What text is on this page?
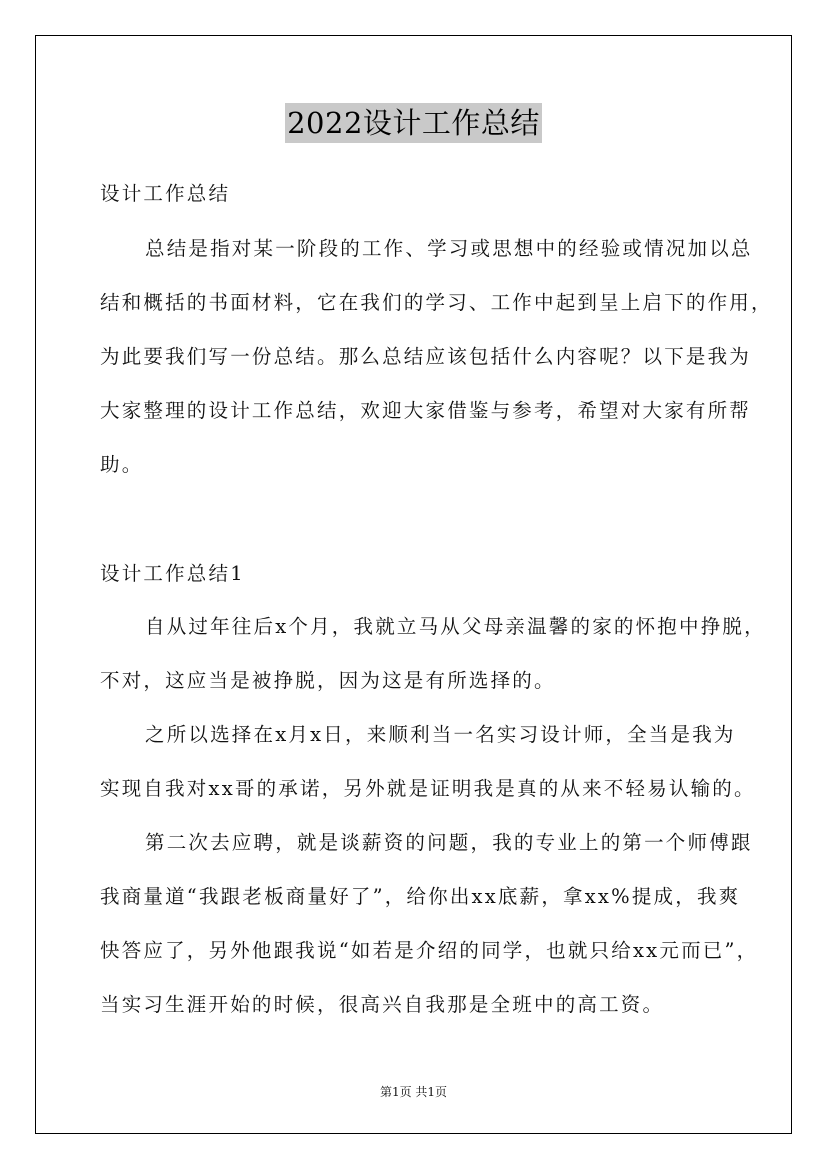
2022设计工作总结
设计工作总结
总结是指对某一阶段的工作、学习或思想中的经验或情况加以总
结和概括的书面材料，它在我们的学习、工作中起到呈上启下的作用，
为此要我们写一份总结。那么总结应该包括什么内容呢？以下是我为
大家整理的设计工作总结，欢迎大家借鉴与参考，希望对大家有所帮
助。
设计工作总结1
自从过年往后x个月，我就立马从父母亲温馨的家的怀抱中挣脱，
不对，这应当是被挣脱，因为这是有所选择的。
之所以选择在x月x日，来顺利当一名实习设计师，全当是我为
实现自我对xx哥的承诺，另外就是证明我是真的从来不轻易认输的。
第二次去应聘，就是谈薪资的问题，我的专业上的第一个师傅跟
我商量道“我跟老板商量好了”，给你出xx底薪，拿xx%提成，我爽
快答应了，另外他跟我说“如若是介绍的同学，也就只给xx元而已”，
当实习生涯开始的时候，很高兴自我那是全班中的高工资。
第1页 共1页
